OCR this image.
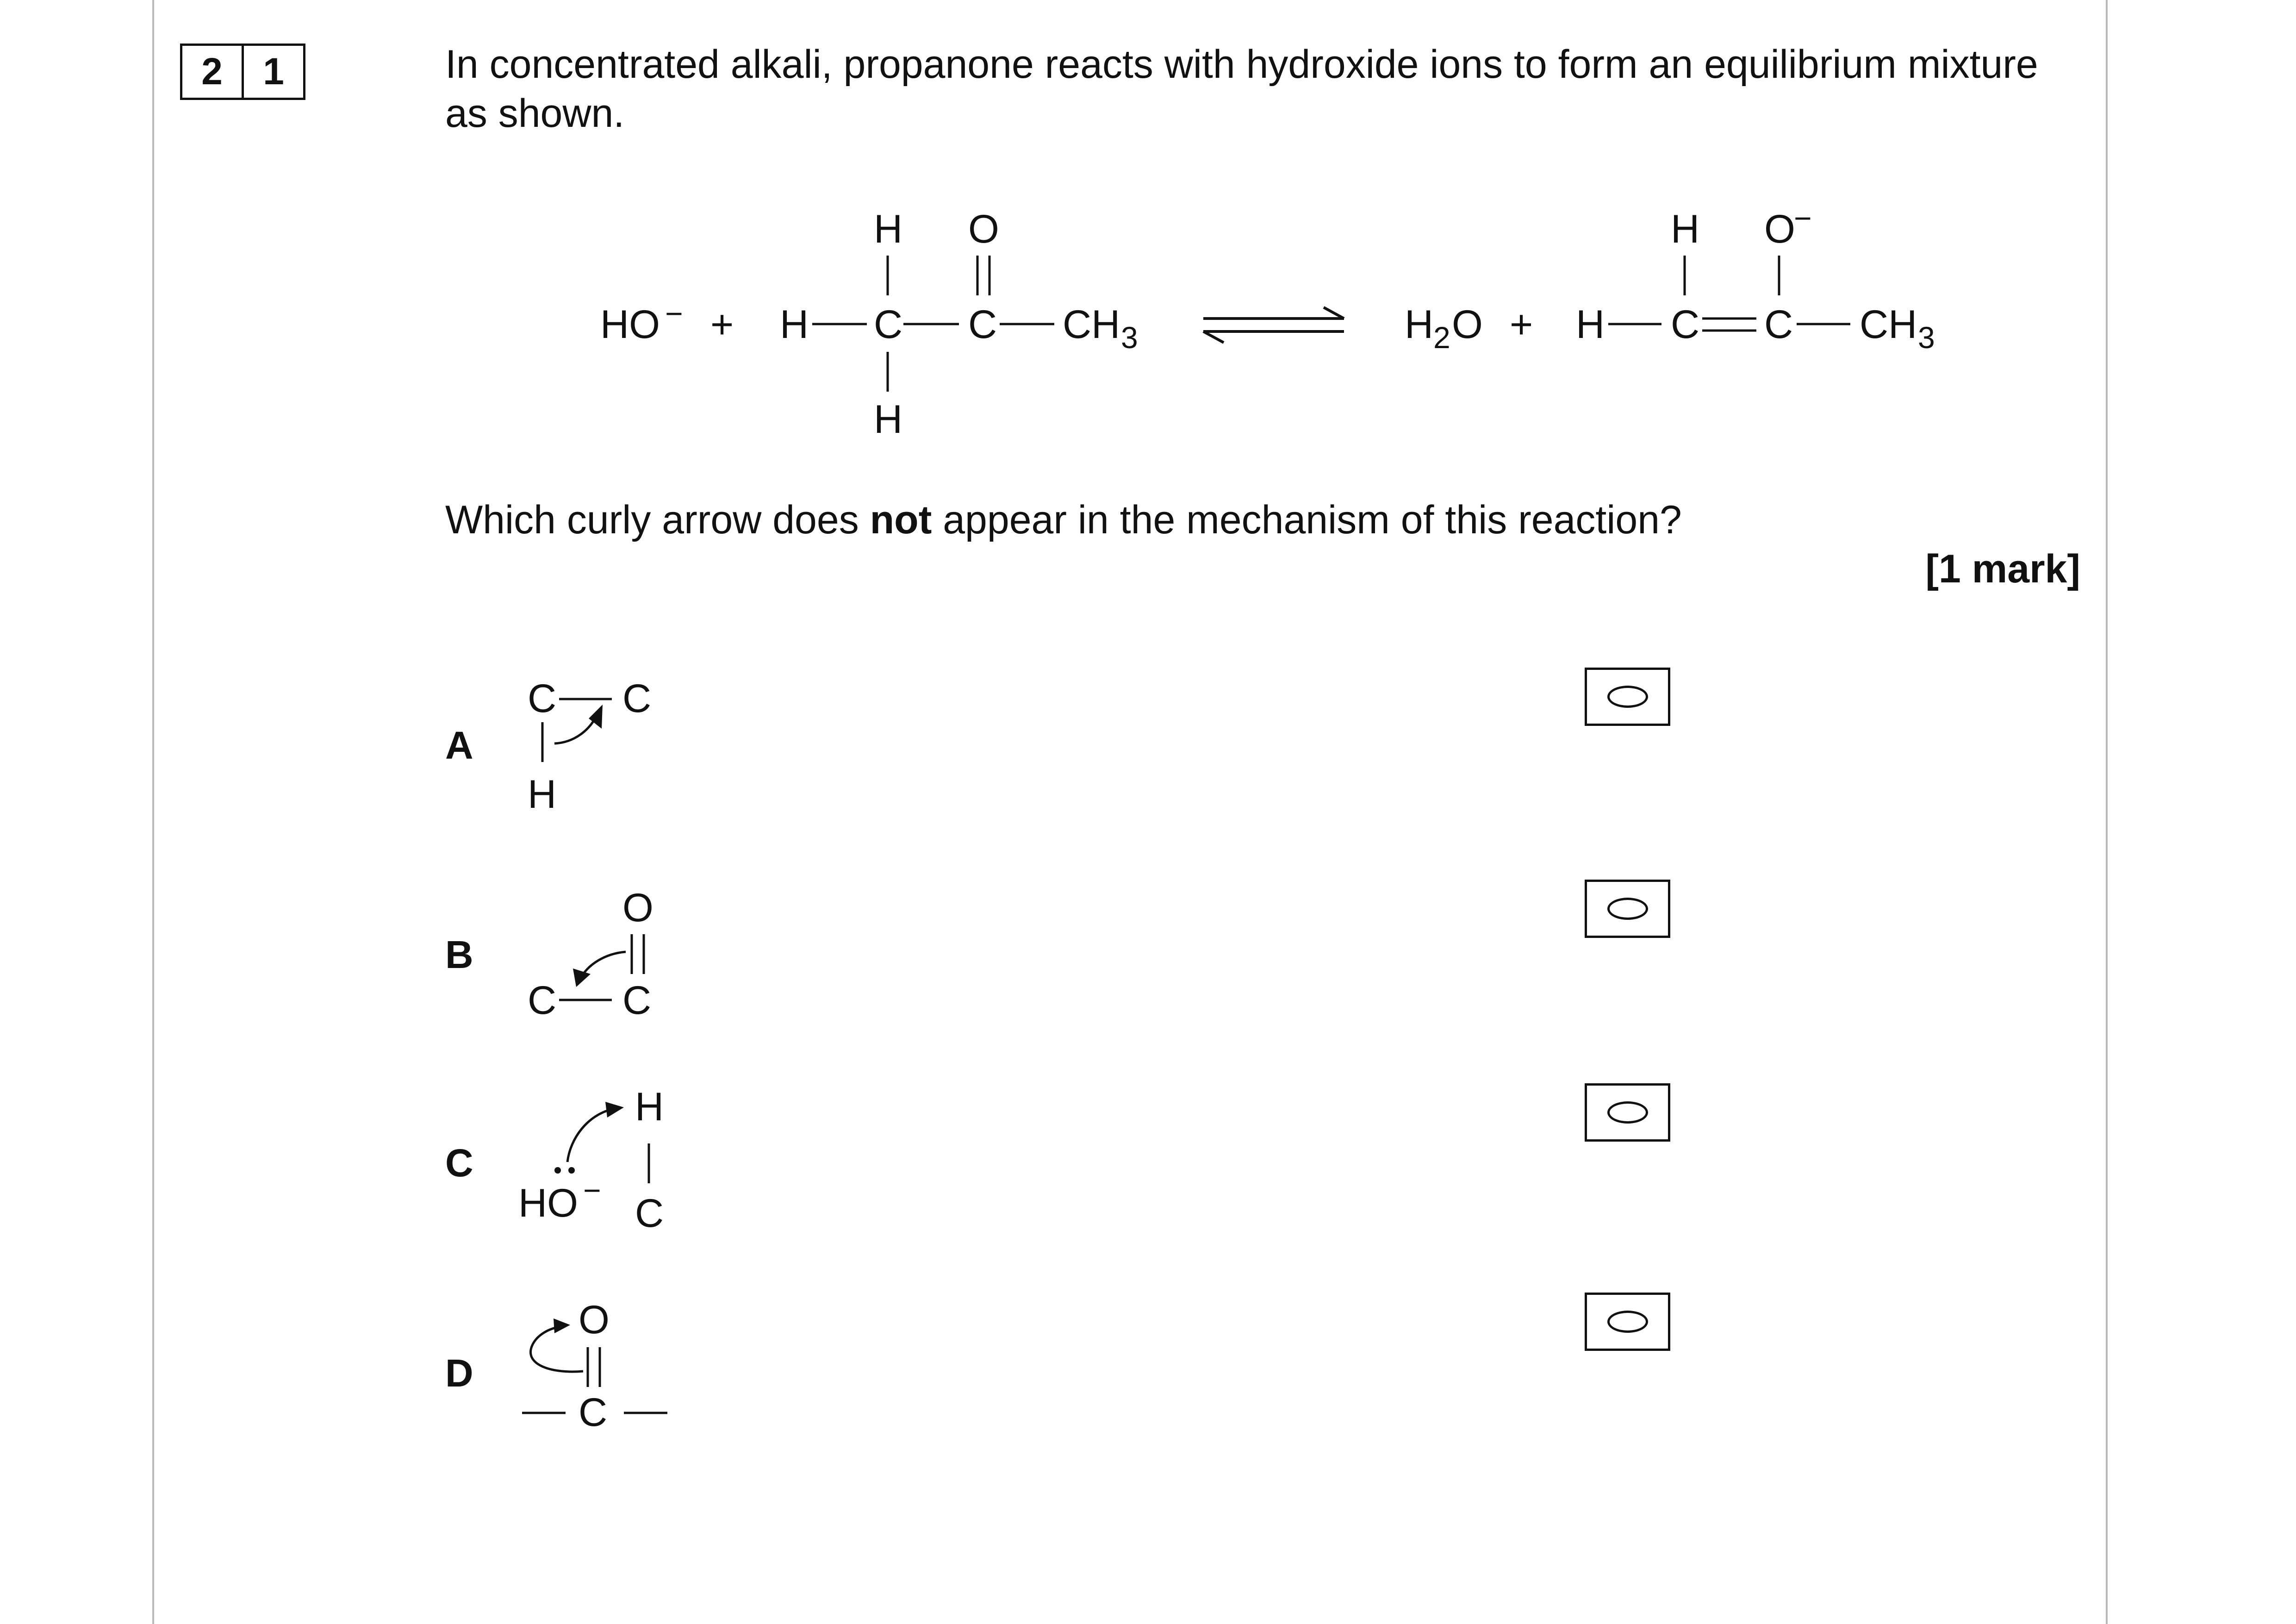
2	1	In concentrated alkali, propanone reacts with hydroxide ions to form an equilibrium mixture as shown.

HO − + H C C CH 3
H
H
O
H 2 O + H C C CH 3
H O
−
C C
H
O
C
C
HO −
H
C
O
C

Which curly arrow does not appear in the mechanism of this reaction?

[1 mark]
A
B
C
D
